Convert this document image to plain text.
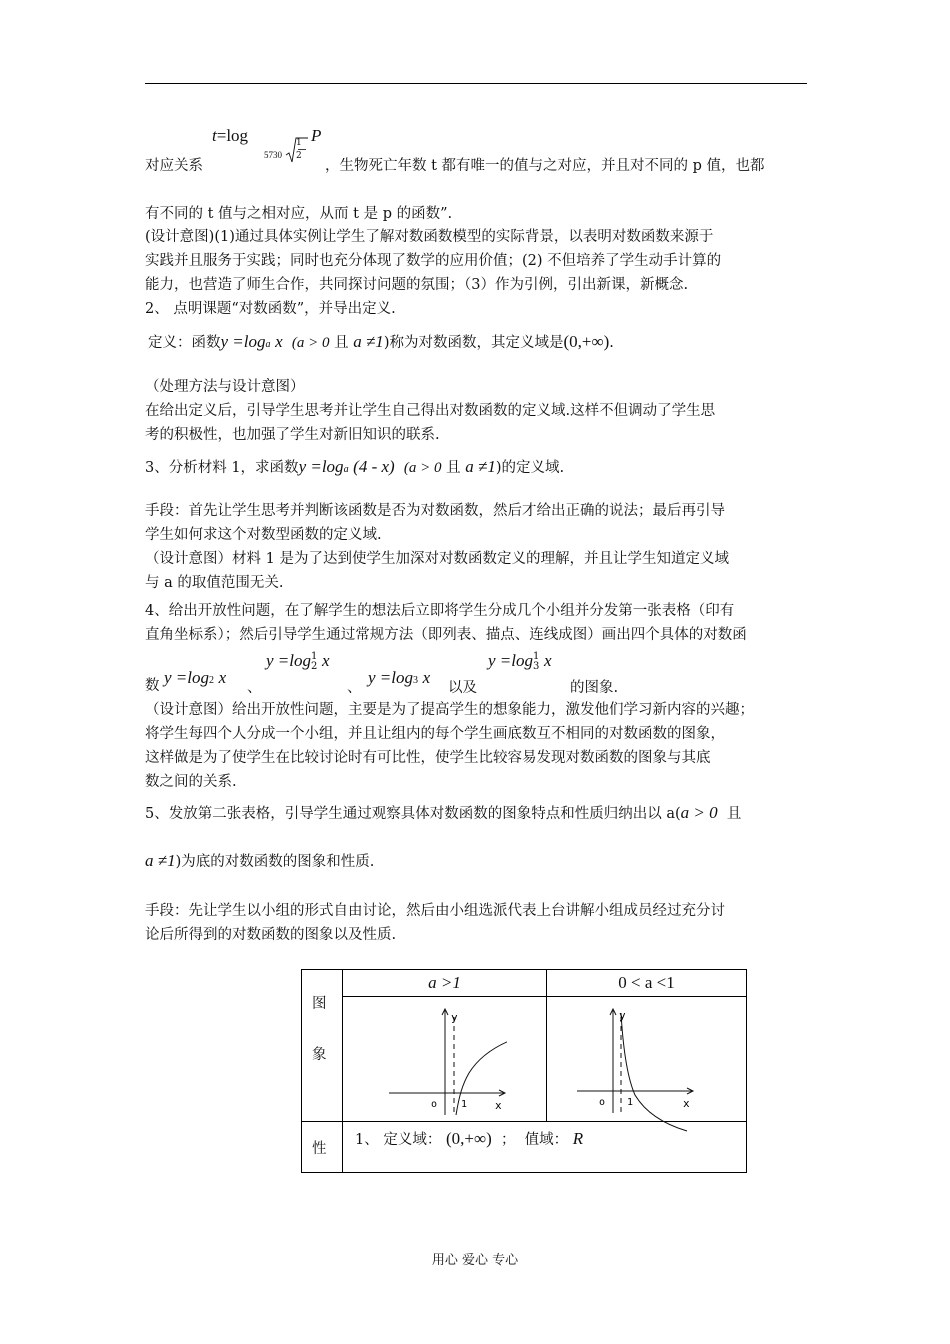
t=log
5730
1
2
P
对应关系	，生物死亡年数 t 都有唯一的值与之对应，并且对不同的 p 值，也都
有不同的 t 值与之相对应，从而 t 是 p 的函数”.
(设计意图)(1)通过具体实例让学生了解对数函数模型的实际背景，以表明对数函数来源于
实践并且服务于实践；同时也充分体现了数学的应用价值；(2) 不但培养了学生动手计算的
能力，也营造了师生合作，共同探讨问题的氛围；（3）作为引例，引出新课，新概念.
2、 点明课题“对数函数”，并导出定义.
定义：函数y =loga x (a > 0 且 a ≠1)称为对数函数，其定义域是(0,+∞).
（处理方法与设计意图）
在给出定义后，引导学生思考并让学生自己得出对数函数的定义域.这样不但调动了学生思
考的积极性，也加强了学生对新旧知识的联系.
3、分析材料 1，求函数y =loga (4 - x) (a > 0 且 a ≠1)的定义域.
手段：首先让学生思考并判断该函数是否为对数函数，然后才给出正确的说法；最后再引导
学生如何求这个对数型函数的定义域.
（设计意图）材料 1 是为了达到使学生加深对对数函数定义的理解，并且让学生知道定义域
与 a 的取值范围无关.
4、给出开放性问题，在了解学生的想法后立即将学生分成几个小组并分发第一张表格（印有
直角坐标系）；然后引导学生通过常规方法（即列表、描点、连线成图）画出四个具体的对数函
数 y =log2 x
、
y =log1
2 x
、
y =log3 x
以及
y =log1
3 x
的图象.
（设计意图）给出开放性问题，主要是为了提高学生的想象能力，激发他们学习新内容的兴趣；
将学生每四个人分成一个小组，并且让组内的每个学生画底数互不相同的对数函数的图象，
这样做是为了使学生在比较讨论时有可比性，使学生比较容易发现对数函数的图象与其底
数之间的关系.
5、发放第二张表格，引导学生通过观察具体对数函数的图象特点和性质归纳出以 a(a > 0 且
a ≠1)为底的对数函数的图象和性质.
手段：先让学生以小组的形式自由讨论，然后由小组选派代表上台讲解小组成员经过充分讨
论后所得到的对数函数的图象以及性质.
图
象	a >1	0 < a <1

y
x
o 1	y
x
o 1

性	1、 定义域： (0,+∞) ； 值域： R	
用心 爱心 专心
